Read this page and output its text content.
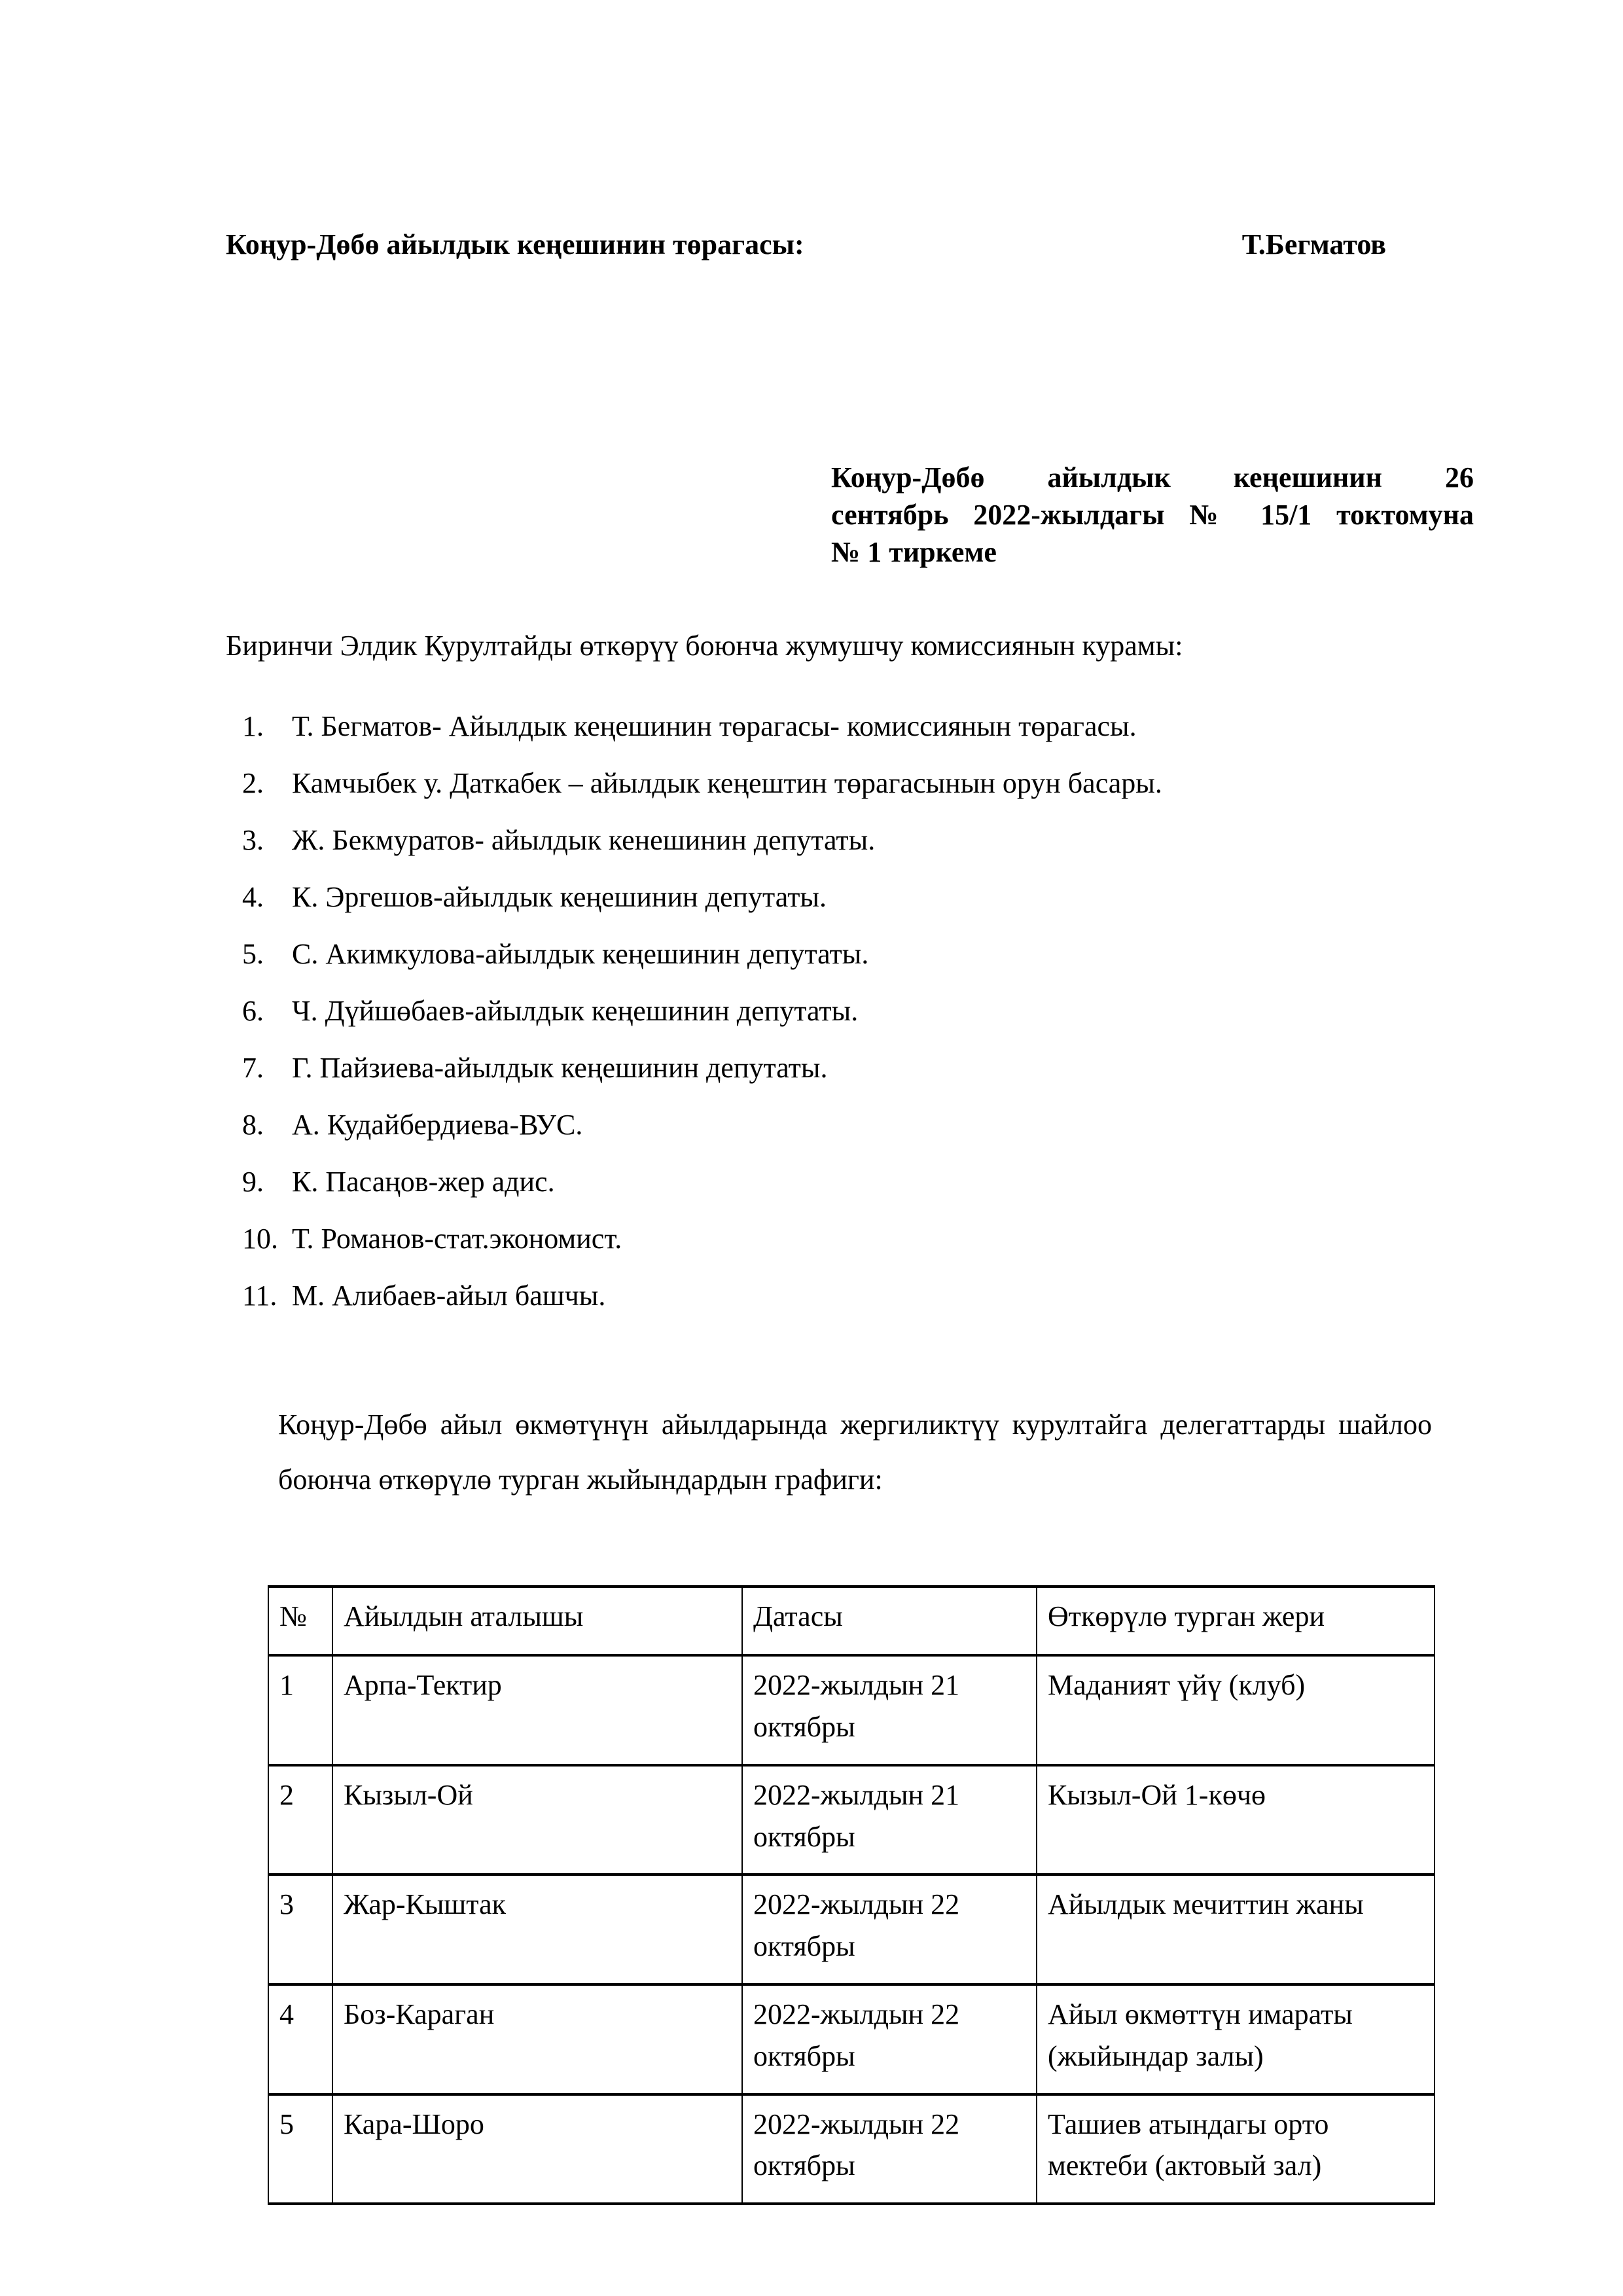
Коңур-Дөбө айылдык кеңешинин төрагасы:	Т.Бегматов
Коңур-Дөбө айылдык кеңешинин 26
сентябрь 2022-жылдагы № 15/1 токтомуна
№ 1 тиркеме
Биринчи Элдик Курултайды өткөрүү боюнча жумушчу комиссиянын курамы:
1. Т. Бегматов- Айылдык кеңешинин төрагасы- комиссиянын төрагасы.
2. Камчыбек у. Даткабек – айылдык кеңештин төрагасынын орун басары.
3. Ж. Бекмуратов- айылдык кенешинин депутаты.
4. К. Эргешов-айылдык кеңешинин депутаты.
5. С. Акимкулова-айылдык кеңешинин депутаты.
6. Ч. Дүйшөбаев-айылдык кеңешинин депутаты.
7. Г. Пайзиева-айылдык кеңешинин депутаты.
8. А. Кудайбердиева-ВУС.
9. К. Пасаңов-жер адис.
10. Т. Романов-стат.экономист.
11. М. Алибаев-айыл башчы.
Коңур-Дөбө айыл өкмөтүнүн айылдарында жергиликтүү курултайга делегаттарды шайлоо боюнча өткөрүлө турган жыйындардын графиги:
№	Айылдын аталышы	Датасы	Өткөрүлө турган жери
1	Арпа-Тектир	2022-жылдын 21 октябры	Маданият үйү (клуб)
2	Кызыл-Ой	2022-жылдын 21 октябры	Кызыл-Ой 1-көчө
3	Жар-Кыштак	2022-жылдын 22 октябры	Айылдык мечиттин жаны
4	Боз-Караган	2022-жылдын 22 октябры	Айыл өкмөттүн имараты (жыйындар залы)
5	Кара-Шоро	2022-жылдын 22 октябры	Ташиев атындагы орто мектеби (актовый зал)
